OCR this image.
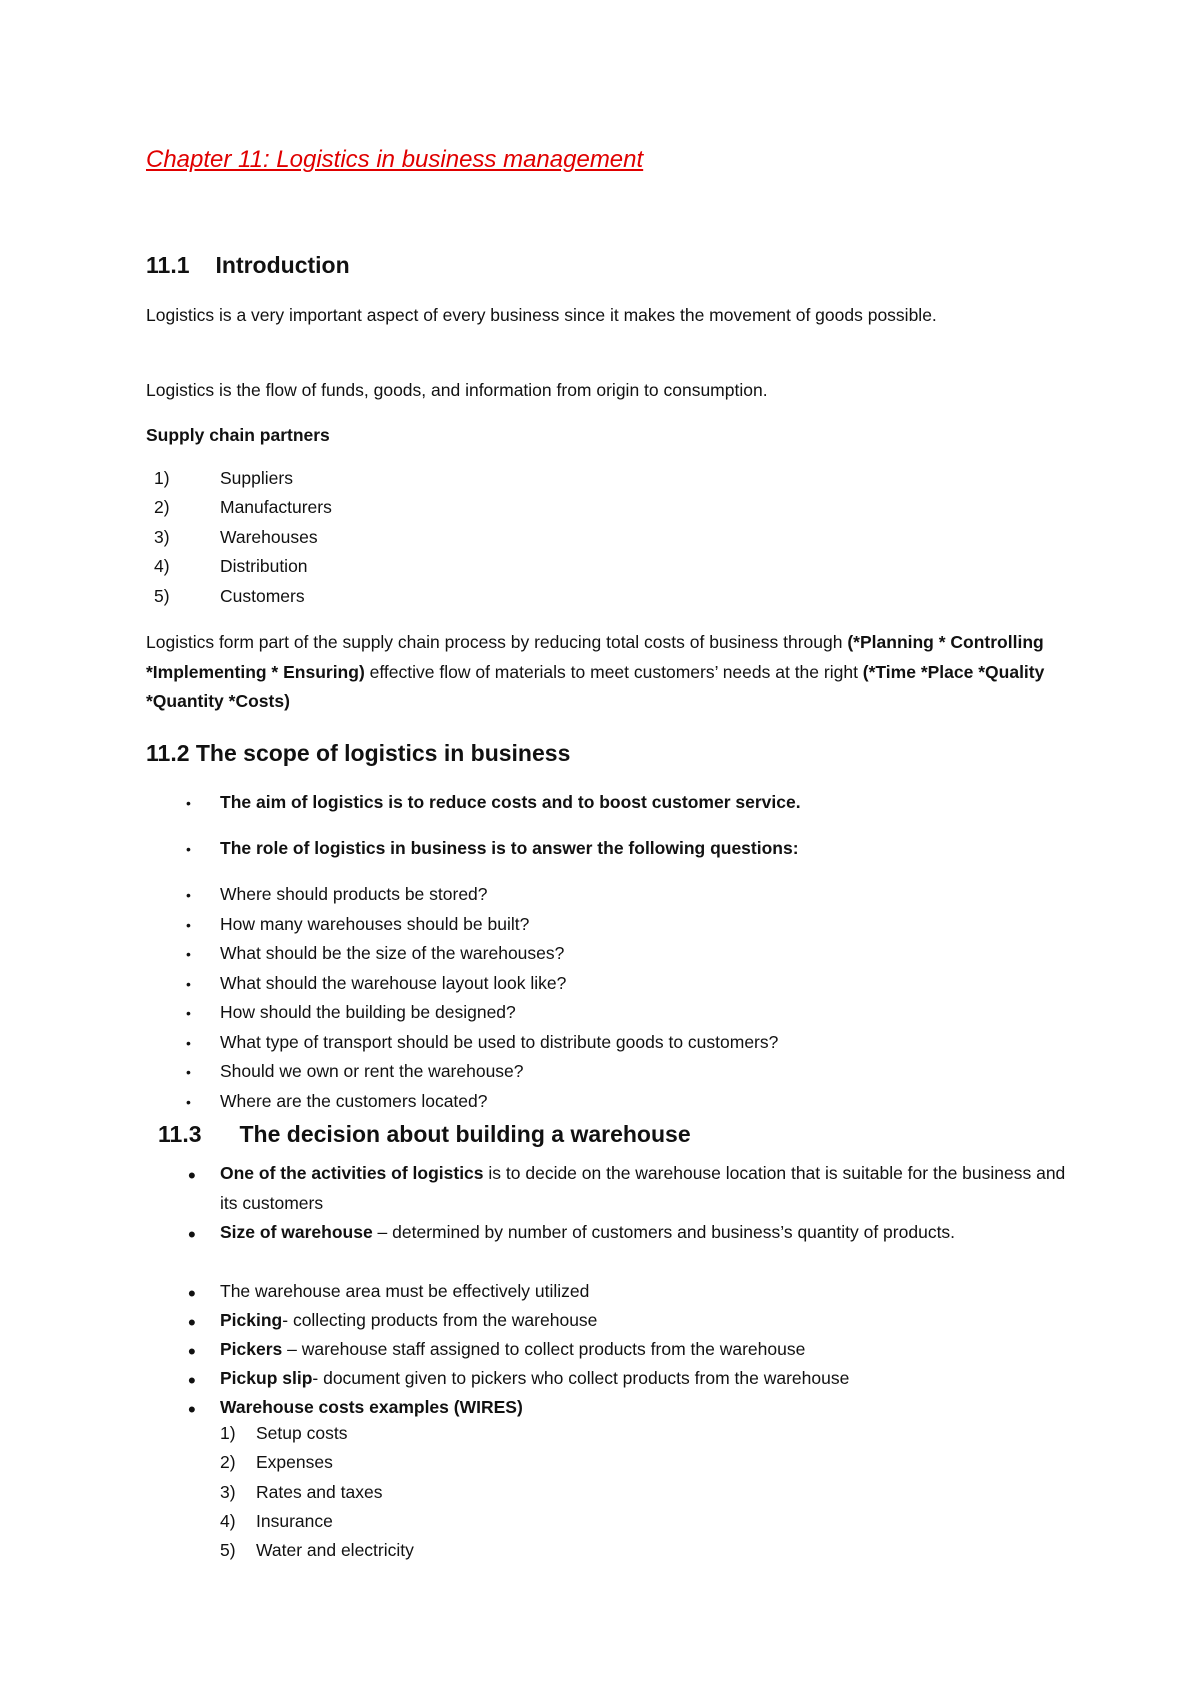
Chapter 11: Logistics in business management
11.1 Introduction
Logistics is a very important aspect of every business since it makes the movement of goods possible.
Logistics is the flow of funds, goods, and information from origin to consumption.
Supply chain partners
1)	Suppliers
2)	Manufacturers
3)	Warehouses
4)	Distribution
5)	Customers
Logistics form part of the supply chain process by reducing total costs of business through (*Planning * Controlling *Implementing * Ensuring) effective flow of materials to meet customers’ needs at the right (*Time *Place *Quality *Quantity *Costs)
11.2 The scope of logistics in business
• The aim of logistics is to reduce costs and to boost customer service.
• The role of logistics in business is to answer the following questions:
• Where should products be stored?
• How many warehouses should be built?
• What should be the size of the warehouses?
• What should the warehouse layout look like?
• How should the building be designed?
• What type of transport should be used to distribute goods to customers?
• Should we own or rent the warehouse?
• Where are the customers located?
11.3 The decision about building a warehouse
• One of the activities of logistics is to decide on the warehouse location that is suitable for the business and its customers
• Size of warehouse – determined by number of customers and business’s quantity of products.
• The warehouse area must be effectively utilized
• Picking- collecting products from the warehouse
• Pickers – warehouse staff assigned to collect products from the warehouse
• Pickup slip- document given to pickers who collect products from the warehouse
• Warehouse costs examples (WIRES)
1) Setup costs
2) Expenses
3) Rates and taxes
4) Insurance
5) Water and electricity
